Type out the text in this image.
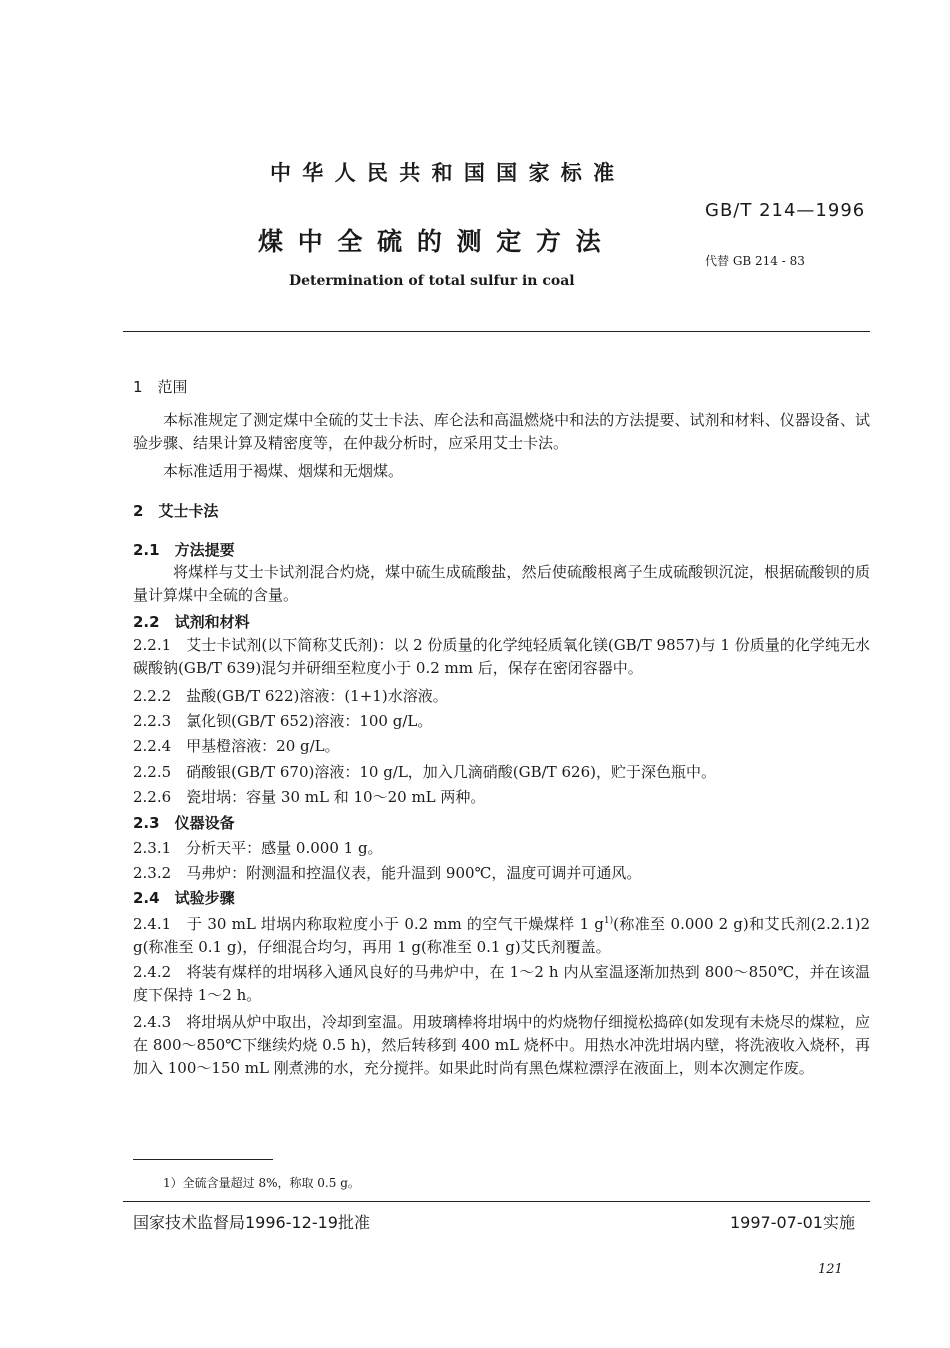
中 华 人 民 共 和 国 国 家 标 准
GB/T 214—1996
煤 中 全 硫 的 测 定 方 法
代替 GB 214 - 83
Determination of total sulfur in coal
1　范围
本标准规定了测定煤中全硫的艾士卡法、库仑法和高温燃烧中和法的方法提要、试剂和材料、仪器设备、试验步骤、结果计算及精密度等，在仲裁分析时，应采用艾士卡法。
本标准适用于褐煤、烟煤和无烟煤。
2　艾士卡法
2.1　方法提要
将煤样与艾士卡试剂混合灼烧，煤中硫生成硫酸盐，然后使硫酸根离子生成硫酸钡沉淀，根据硫酸钡的质量计算煤中全硫的含量。
2.2　试剂和材料
2.2.1　艾士卡试剂(以下简称艾氏剂)：以 2 份质量的化学纯轻质氧化镁(GB/T 9857)与 1 份质量的化学纯无水碳酸钠(GB/T 639)混匀并研细至粒度小于 0.2 mm 后，保存在密闭容器中。
2.2.2　盐酸(GB/T 622)溶液：(1+1)水溶液。
2.2.3　氯化钡(GB/T 652)溶液：100 g/L。
2.2.4　甲基橙溶液：20 g/L。
2.2.5　硝酸银(GB/T 670)溶液：10 g/L，加入几滴硝酸(GB/T 626)，贮于深色瓶中。
2.2.6　瓷坩埚：容量 30 mL 和 10～20 mL 两种。
2.3　仪器设备
2.3.1　分析天平：感量 0.000 1 g。
2.3.2　马弗炉：附测温和控温仪表，能升温到 900℃，温度可调并可通风。
2.4　试验步骤
2.4.1　于 30 mL 坩埚内称取粒度小于 0.2 mm 的空气干燥煤样 1 $g^{1)}$(称准至 0.000 2 g)和艾氏剂(2.2.1)2 g(称准至 0.1 g)，仔细混合均匀，再用 1 g(称准至 0.1 g)艾氏剂覆盖。
2.4.2　将装有煤样的坩埚移入通风良好的马弗炉中，在 1～2 h 内从室温逐渐加热到 800～850℃，并在该温度下保持 1～2 h。
2.4.3　将坩埚从炉中取出，冷却到室温。用玻璃棒将坩埚中的灼烧物仔细搅松捣碎(如发现有未烧尽的煤粒，应在 800～850℃下继续灼烧 0.5 h)，然后转移到 400 mL 烧杯中。用热水冲洗坩埚内壁，将洗液收入烧杯，再加入 100～150 mL 刚煮沸的水，充分搅拌。如果此时尚有黑色煤粒漂浮在液面上，则本次测定作废。
1）全硫含量超过 8%，称取 0.5 g。
国家技术监督局1996-12-19批准	1997-07-01实施
121
